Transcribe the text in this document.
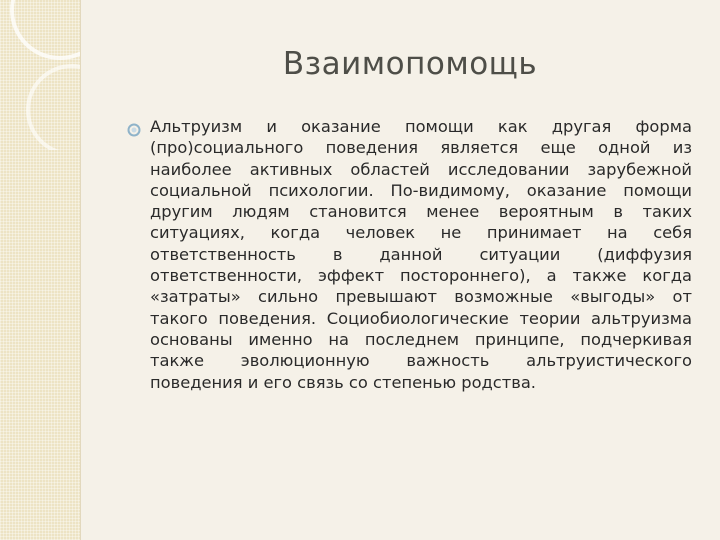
Взаимопомощь

Альтруизм и оказание помощи как другая форма (про)социального поведения является еще одной из наиболее активных областей исследовании зарубежной социальной психологии. По-видимому, оказание помощи другим людям становится менее вероятным в таких ситуациях, когда человек не принимает на себя ответственность в данной ситуации (диффузия ответственности, эффект постороннего), а также когда «затраты» сильно превышают возможные «выгоды» от такого поведения. Социобиологические теории альтруизма основаны именно на последнем принципе, подчеркивая также эволюционную важность альтруистического поведения и его связь со степенью родства.
